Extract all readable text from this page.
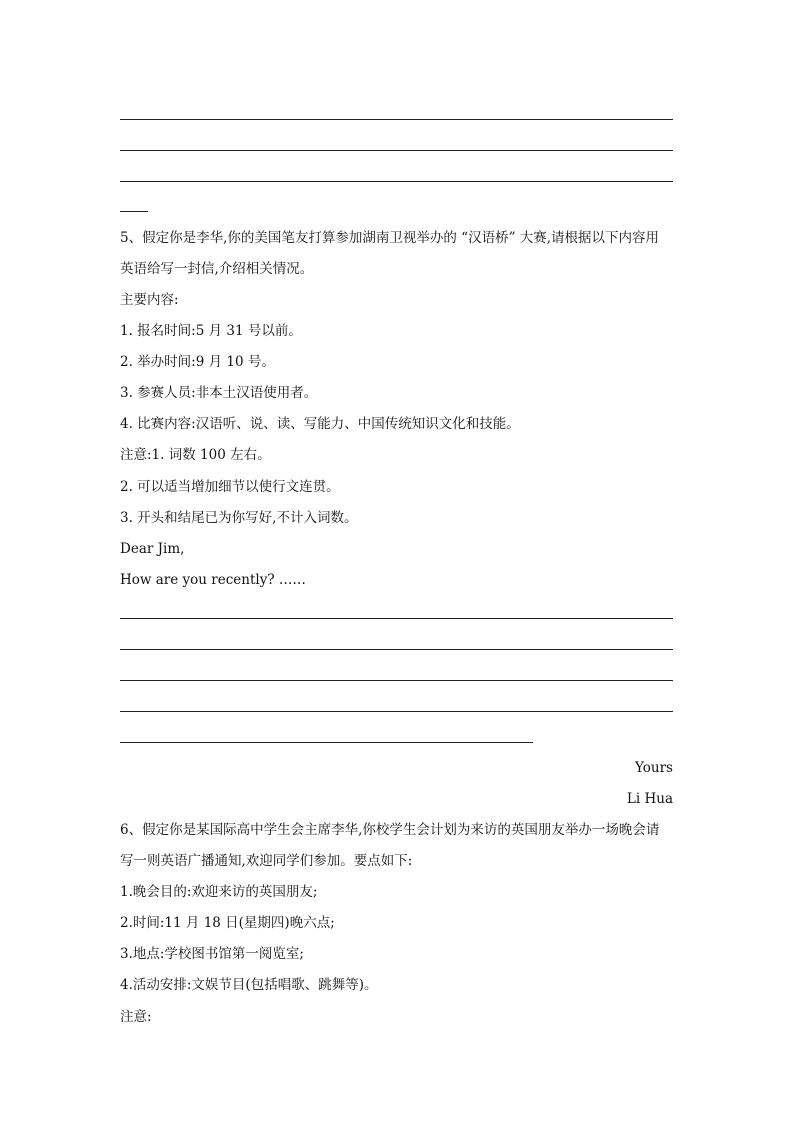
5、假定你是李华,你的美国笔友打算参加湖南卫视举办的 “汉语桥” 大赛,请根据以下内容用
英语给写一封信,介绍相关情况。
主要内容:
1. 报名时间:5 月 31 号以前。
2. 举办时间:9 月 10 号。
3. 参赛人员:非本土汉语使用者。
4. 比赛内容:汉语听、说、读、写能力、中国传统知识文化和技能。
注意:1. 词数 100 左右。
2. 可以适当增加细节以使行文连贯。
3. 开头和结尾已为你写好,不计入词数。
Dear Jim,
How are you recently? ……
Yours
Li Hua
6、假定你是某国际高中学生会主席李华,你校学生会计划为来访的英国朋友举办一场晚会请
写一则英语广播通知,欢迎同学们参加。要点如下:
1.晚会目的:欢迎来访的英国朋友;
2.时间:11 月 18 日(星期四)晚六点;
3.地点:学校图书馆第一阅览室;
4.活动安排:文娱节目(包括唱歌、跳舞等)。
注意:
